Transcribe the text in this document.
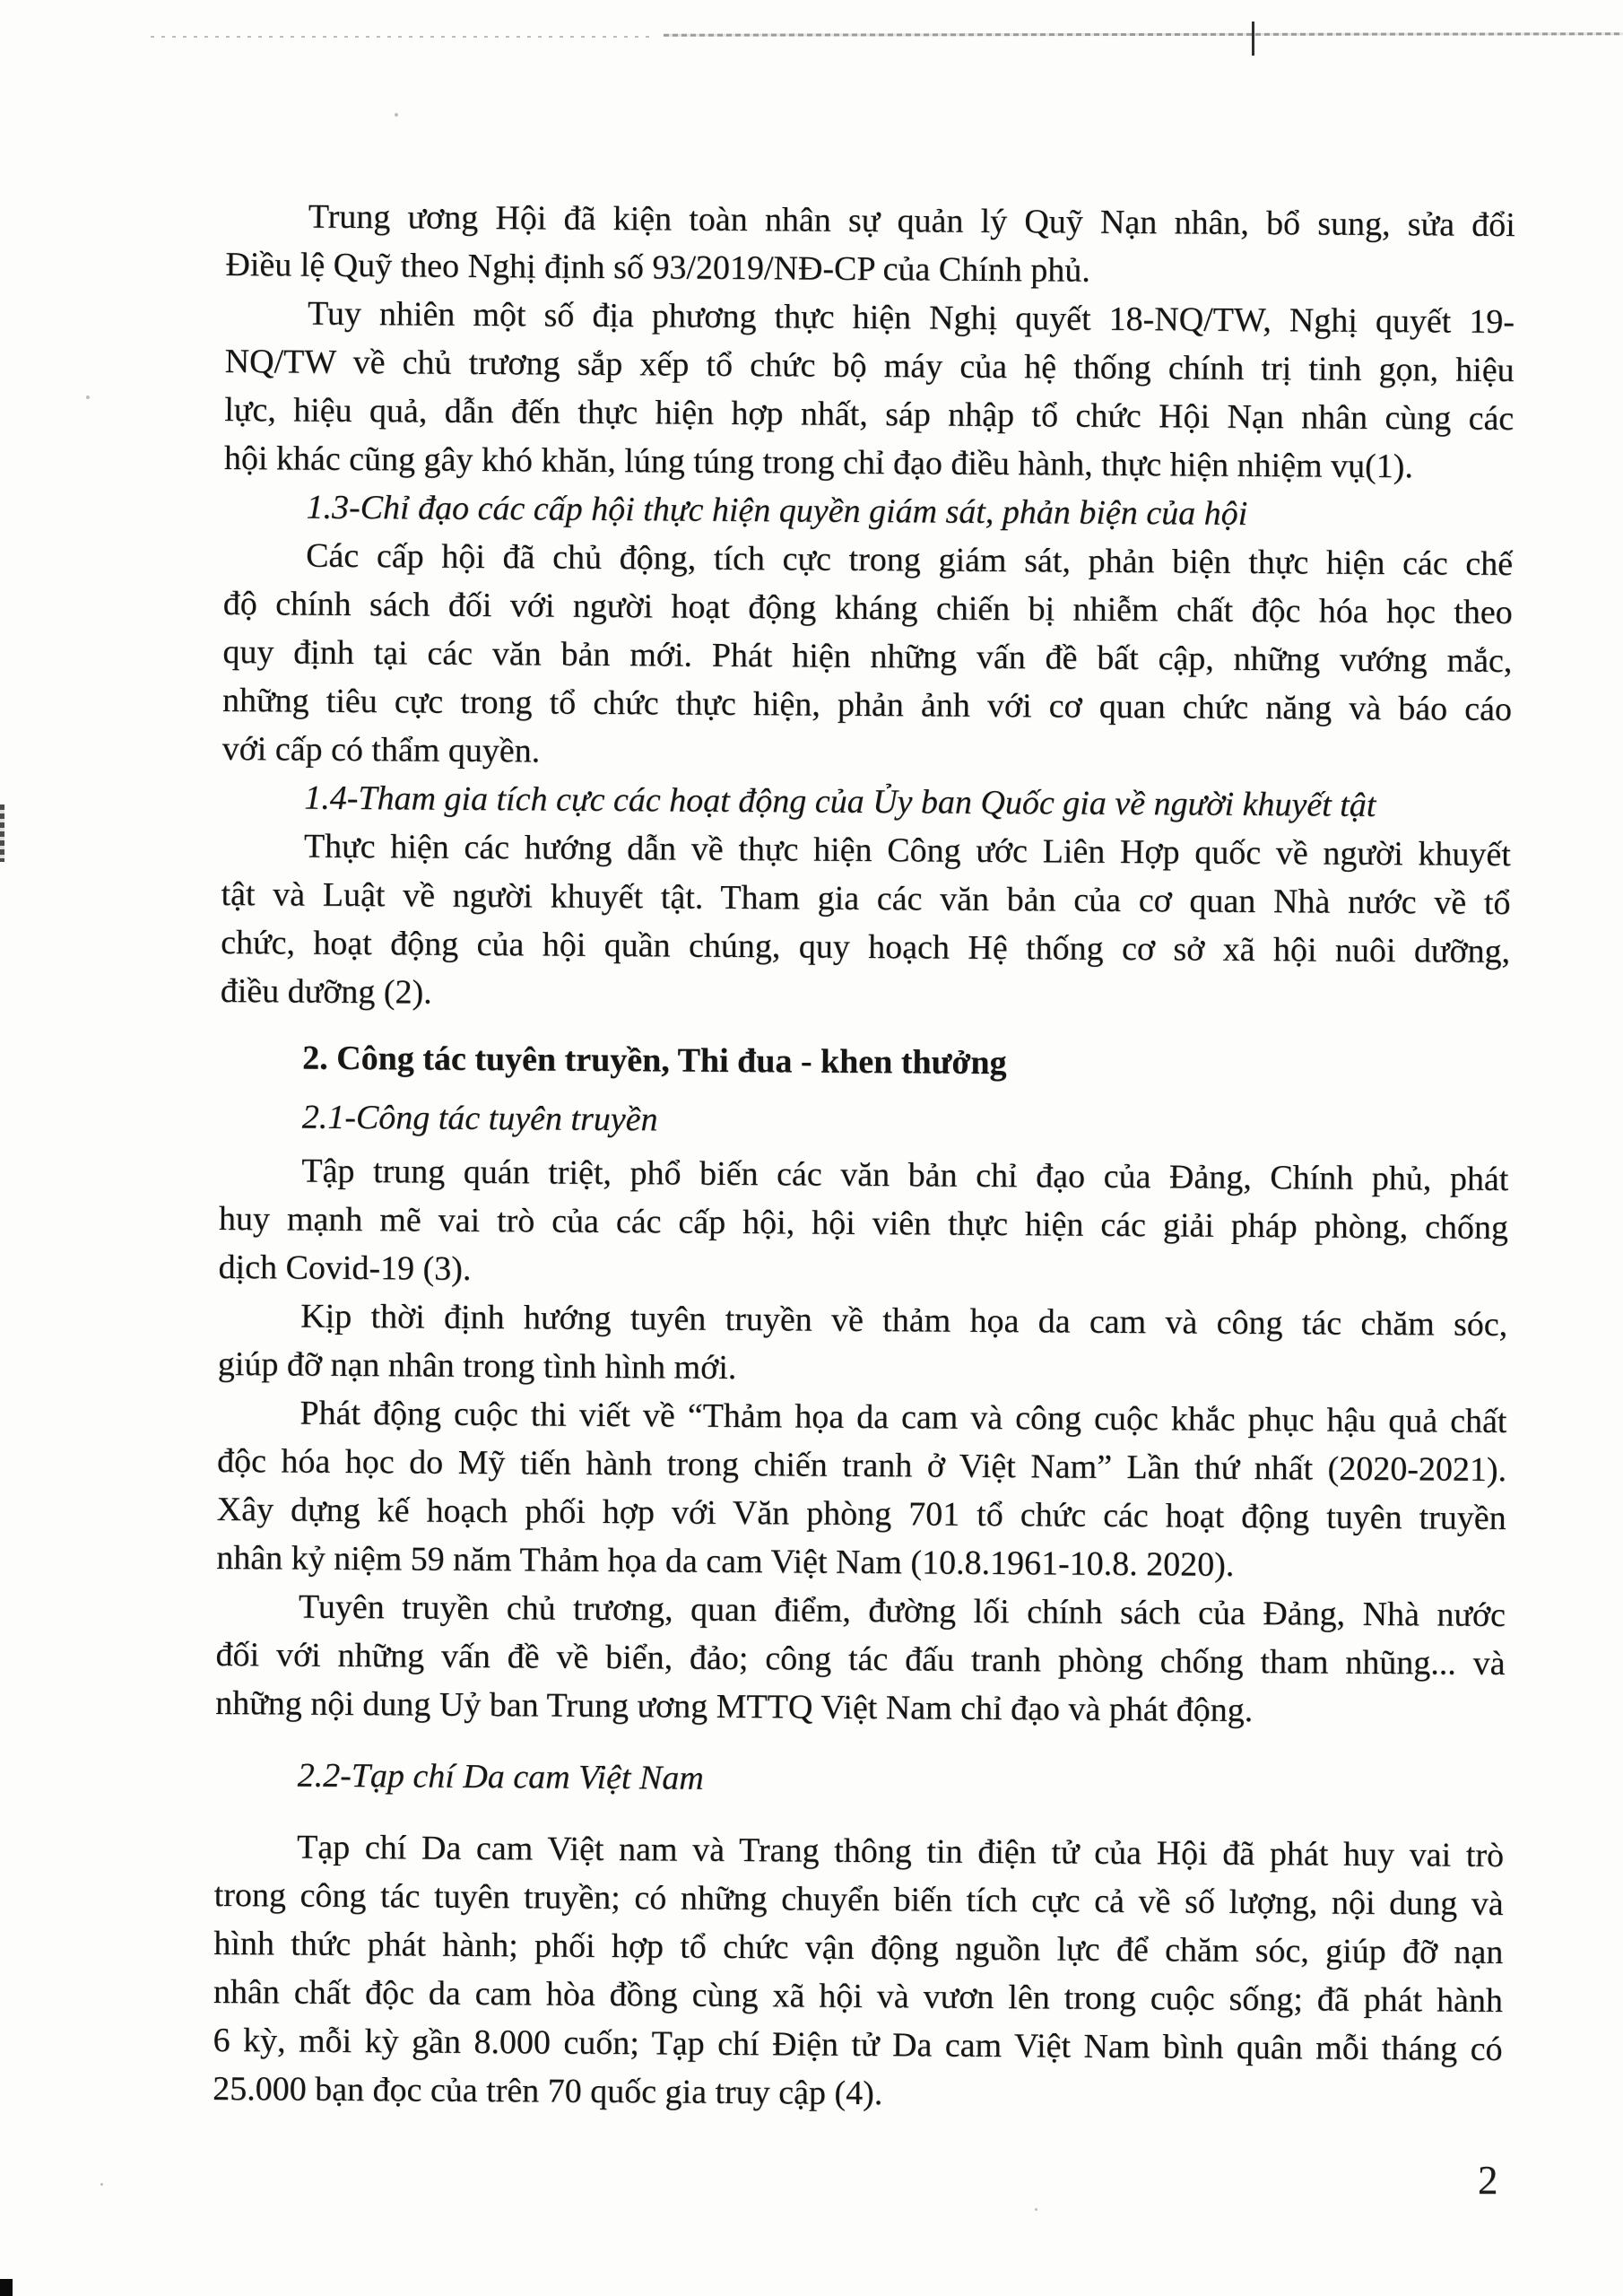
Trung ương Hội đã kiện toàn nhân sự quản lý Quỹ Nạn nhân, bổ sung, sửa đổi
Điều lệ Quỹ theo Nghị định số 93/2019/NĐ-CP của Chính phủ.
Tuy nhiên một số địa phương thực hiện Nghị quyết 18-NQ/TW, Nghị quyết 19-
NQ/TW về chủ trương sắp xếp tổ chức bộ máy của hệ thống chính trị tinh gọn, hiệu
lực, hiệu quả, dẫn đến thực hiện hợp nhất, sáp nhập tổ chức Hội Nạn nhân cùng các
hội khác cũng gây khó khăn, lúng túng trong chỉ đạo điều hành, thực hiện nhiệm vụ(1).
1.3-Chỉ đạo các cấp hội thực hiện quyền giám sát, phản biện của hội
Các cấp hội đã chủ động, tích cực trong giám sát, phản biện thực hiện các chế
độ chính sách đối với người hoạt động kháng chiến bị nhiễm chất độc hóa học theo
quy định tại các văn bản mới. Phát hiện những vấn đề bất cập, những vướng mắc,
những tiêu cực trong tổ chức thực hiện, phản ảnh với cơ quan chức năng và báo cáo
với cấp có thẩm quyền.
1.4-Tham gia tích cực các hoạt động của Ủy ban Quốc gia về người khuyết tật
Thực hiện các hướng dẫn về thực hiện Công ước Liên Hợp quốc về người khuyết
tật và Luật về người khuyết tật. Tham gia các văn bản của cơ quan Nhà nước về tổ
chức, hoạt động của hội quần chúng, quy hoạch Hệ thống cơ sở xã hội nuôi dưỡng,
điều dưỡng (2).
2. Công tác tuyên truyền, Thi đua - khen thưởng
2.1-Công tác tuyên truyền
Tập trung quán triệt, phổ biến các văn bản chỉ đạo của Đảng, Chính phủ, phát
huy mạnh mẽ vai trò của các cấp hội, hội viên thực hiện các giải pháp phòng, chống
dịch Covid-19 (3).
Kịp thời định hướng tuyên truyền về thảm họa da cam và công tác chăm sóc,
giúp đỡ nạn nhân trong tình hình mới.
Phát động cuộc thi viết về “Thảm họa da cam và công cuộc khắc phục hậu quả chất
độc hóa học do Mỹ tiến hành trong chiến tranh ở Việt Nam” Lần thứ nhất (2020-2021).
Xây dựng kế hoạch phối hợp với Văn phòng 701 tổ chức các hoạt động tuyên truyền
nhân kỷ niệm 59 năm Thảm họa da cam Việt Nam (10.8.1961-10.8. 2020).
Tuyên truyền chủ trương, quan điểm, đường lối chính sách của Đảng, Nhà nước
đối với những vấn đề về biển, đảo; công tác đấu tranh phòng chống tham nhũng... và
những nội dung Uỷ ban Trung ương MTTQ Việt Nam chỉ đạo và phát động.
2.2-Tạp chí Da cam Việt Nam
Tạp chí Da cam Việt nam và Trang thông tin điện tử của Hội đã phát huy vai trò
trong công tác tuyên truyền; có những chuyển biến tích cực cả về số lượng, nội dung và
hình thức phát hành; phối hợp tổ chức vận động nguồn lực để chăm sóc, giúp đỡ nạn
nhân chất độc da cam hòa đồng cùng xã hội và vươn lên trong cuộc sống; đã phát hành
6 kỳ, mỗi kỳ gần 8.000 cuốn; Tạp chí Điện tử Da cam Việt Nam bình quân mỗi tháng có
25.000 bạn đọc của trên 70 quốc gia truy cập (4).
2
